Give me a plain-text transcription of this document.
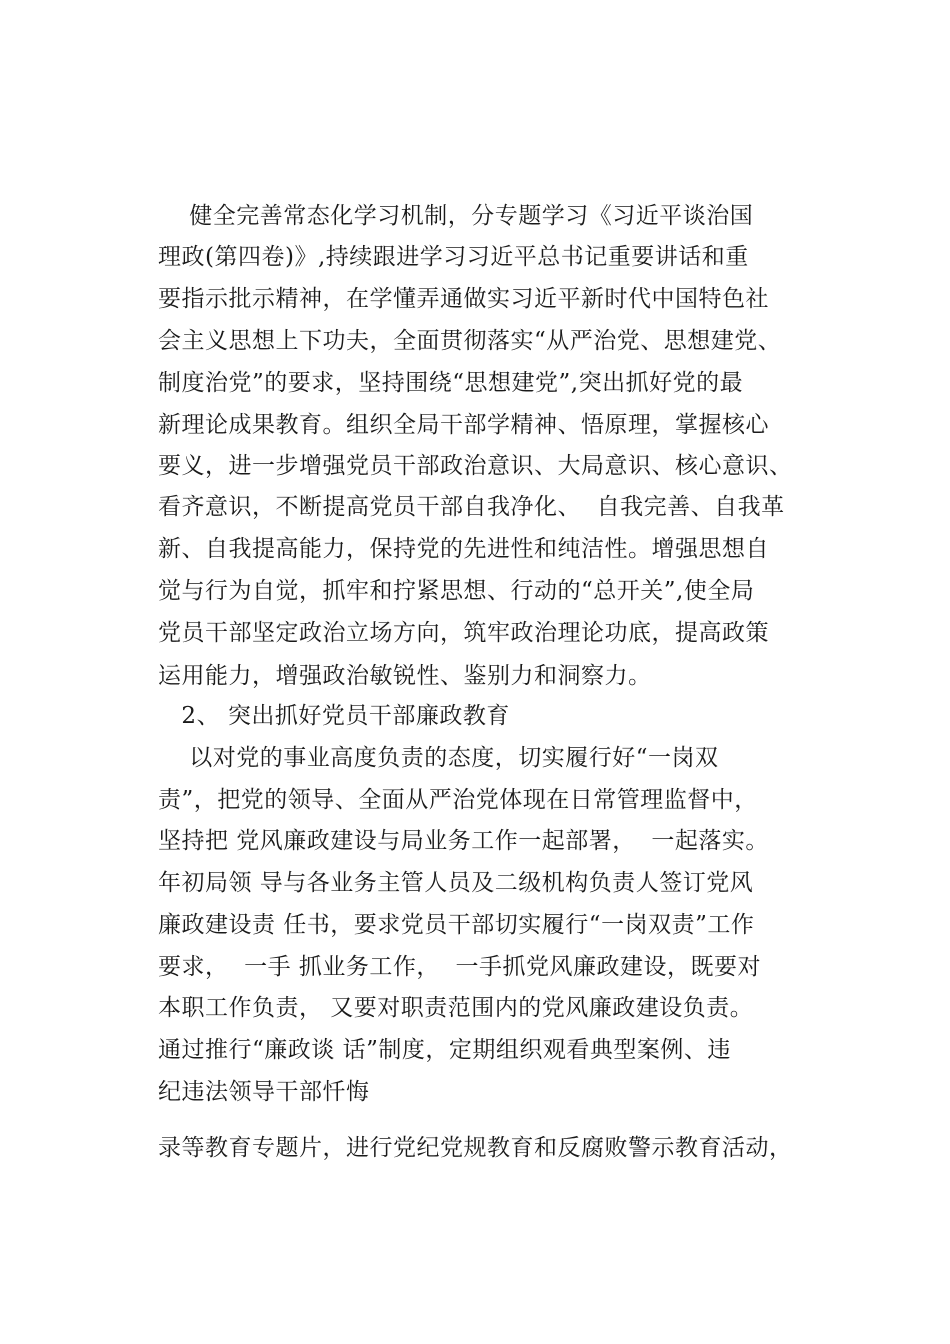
健全完善常态化学习机制，分专题学习《习近平谈治国
理政(第四卷)》,持续跟进学习习近平总书记重要讲话和重
要指示批示精神，在学懂弄通做实习近平新时代中国特色社
会主义思想上下功夫，全面贯彻落实“从严治党、思想建党、
制度治党”的要求，坚持围绕“思想建党”,突出抓好党的最
新理论成果教育。组织全局干部学精神、悟原理，掌握核心
要义，进一步增强党员干部政治意识、大局意识、核心意识、
看齐意识，不断提高党员干部自我净化、  自我完善、自我革
新、自我提高能力，保持党的先进性和纯洁性。增强思想自
觉与行为自觉，抓牢和拧紧思想、行动的“总开关”,使全局
党员干部坚定政治立场方向，筑牢政治理论功底，提高政策
运用能力，增强政治敏锐性、鉴别力和洞察力。
2、 突出抓好党员干部廉政教育
以对党的事业高度负责的态度，切实履行好“一岗双
责”，把党的领导、全面从严治党体现在日常管理监督中，
坚持把 党风廉政建设与局业务工作一起部署，  一起落实。
年初局领 导与各业务主管人员及二级机构负责人签订党风
廉政建设责 任书，要求党员干部切实履行“一岗双责”工作
要求，  一手 抓业务工作，  一手抓党风廉政建设，既要对
本职工作负责， 又要对职责范围内的党风廉政建设负责。
通过推行“廉政谈 话”制度，定期组织观看典型案例、违
纪违法领导干部忏悔
录等教育专题片，进行党纪党规教育和反腐败警示教育活动，
